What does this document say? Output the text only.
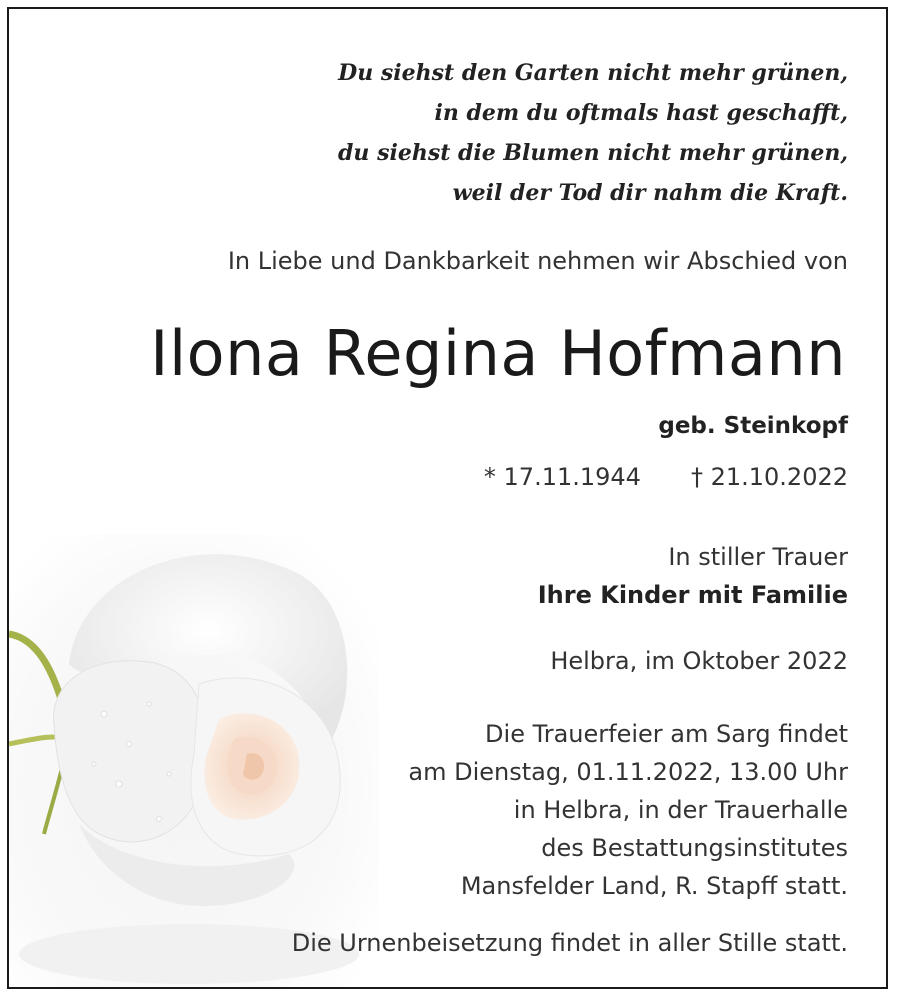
Du siehst den Garten nicht mehr grünen,
in dem du oftmals hast geschafft,
du siehst die Blumen nicht mehr grünen,
weil der Tod dir nahm die Kraft.

In Liebe und Dankbarkeit nehmen wir Abschied von

Ilona Regina Hofmann

geb. Steinkopf

* 17.11.1944 † 21.10.2022

In stiller Trauer

Ihre Kinder mit Familie

Helbra, im Oktober 2022

Die Trauerfeier am Sarg findet
am Dienstag, 01.11.2022, 13.00 Uhr
in Helbra, in der Trauerhalle
des Bestattungsinstitutes
Mansfelder Land, R. Stapff statt.

Die Urnenbeisetzung findet in aller Stille statt.
